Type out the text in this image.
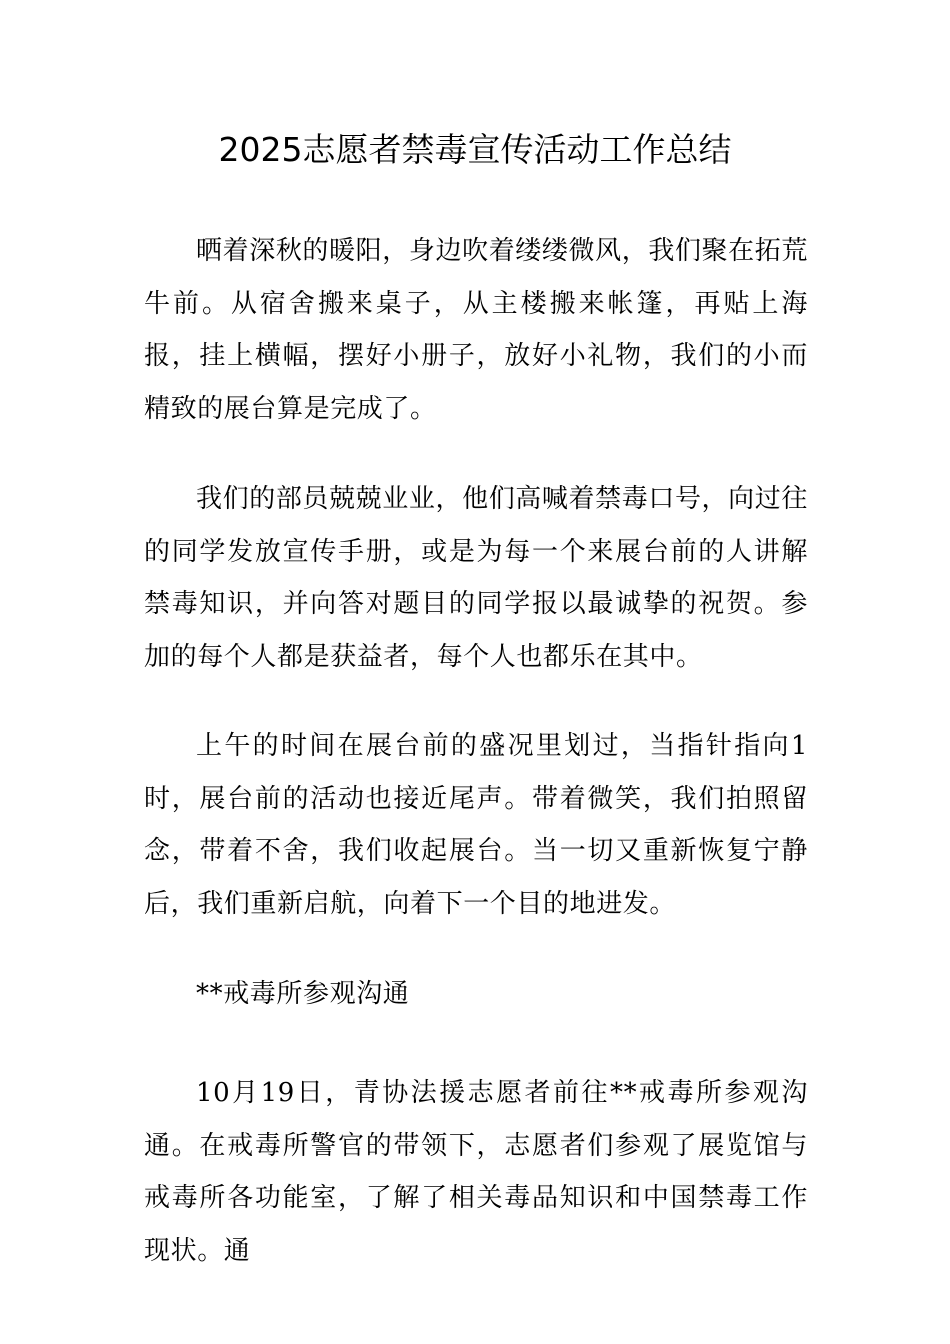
2025志愿者禁毒宣传活动工作总结

晒着深秋的暖阳，身边吹着缕缕微风，我们聚在拓荒牛前。从宿舍搬来桌子，从主楼搬来帐篷，再贴上海报，挂上横幅，摆好小册子，放好小礼物，我们的小而精致的展台算是完成了。

我们的部员兢兢业业，他们高喊着禁毒口号，向过往的同学发放宣传手册，或是为每一个来展台前的人讲解禁毒知识，并向答对题目的同学报以最诚挚的祝贺。参加的每个人都是获益者，每个人也都乐在其中。

上午的时间在展台前的盛况里划过，当指针指向1时，展台前的活动也接近尾声。带着微笑，我们拍照留念，带着不舍，我们收起展台。当一切又重新恢复宁静后，我们重新启航，向着下一个目的地进发。

**戒毒所参观沟通

10月19日，青协法援志愿者前往**戒毒所参观沟通。在戒毒所警官的带领下，志愿者们参观了展览馆与戒毒所各功能室，了解了相关毒品知识和中国禁毒工作现状。通
